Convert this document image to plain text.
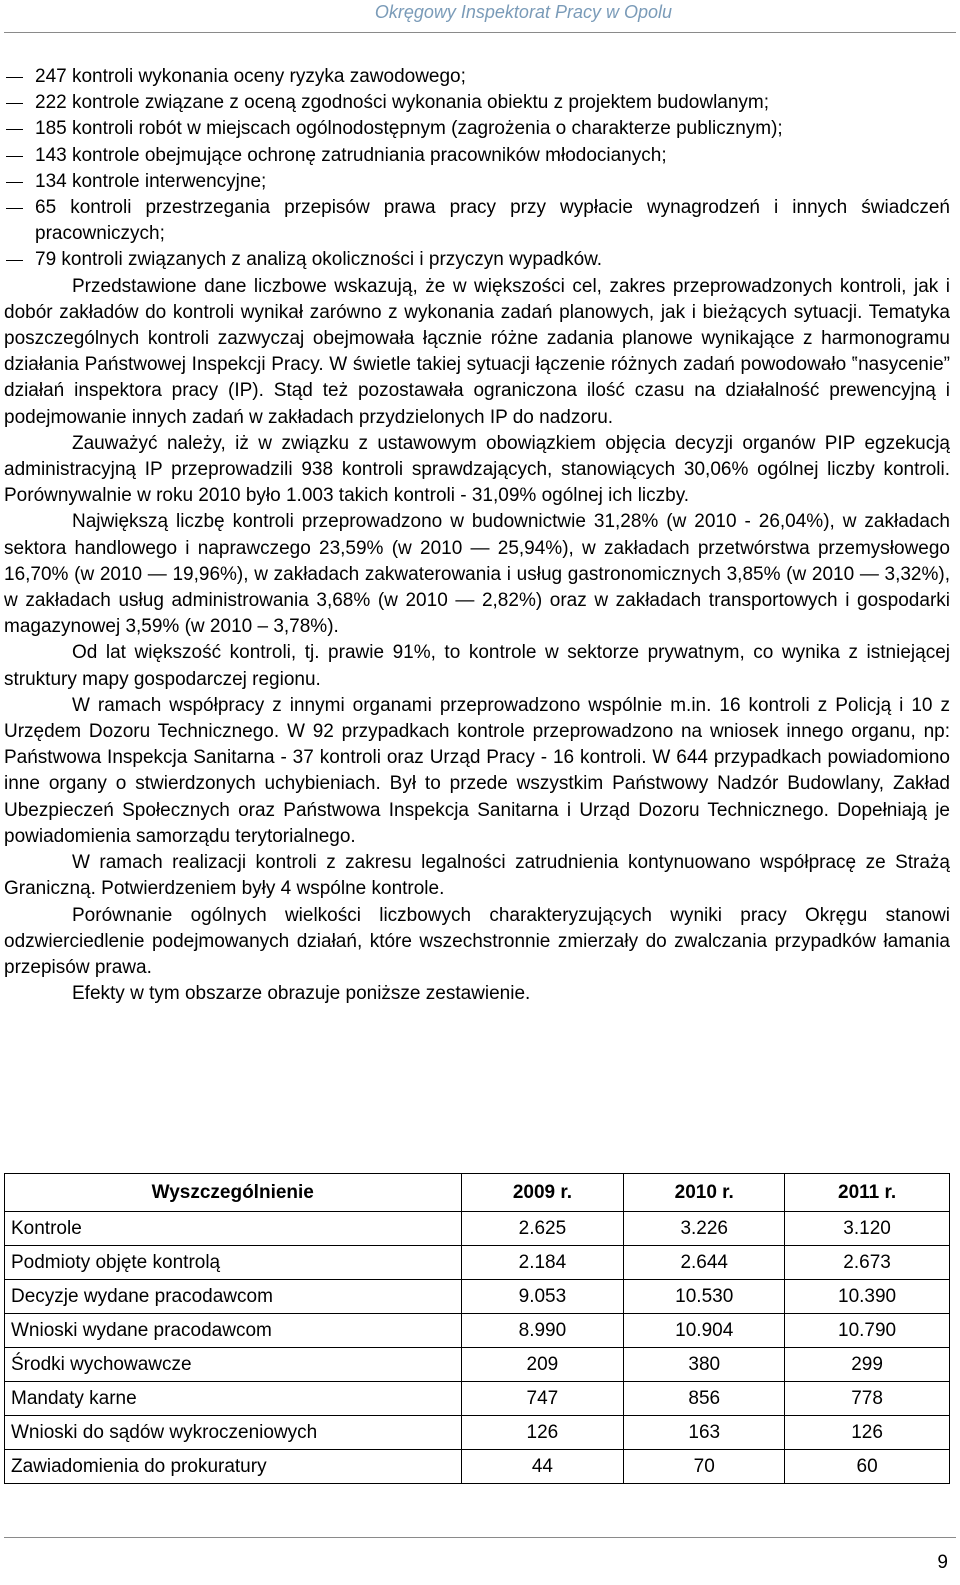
Okręgowy Inspektorat Pracy w Opolu
247 kontroli wykonania oceny ryzyka zawodowego;
222 kontrole związane z oceną zgodności wykonania obiektu z projektem budowlanym;
185 kontroli robót w miejscach ogólnodostępnym (zagrożenia o charakterze publicznym);
143 kontrole obejmujące ochronę zatrudniania pracowników młodocianych;
134 kontrole interwencyjne;
65 kontroli przestrzegania przepisów prawa pracy przy wypłacie wynagrodzeń i innych świadczeń pracowniczych;
79 kontroli związanych z analizą okoliczności i przyczyn wypadków.

Przedstawione dane liczbowe wskazują, że w większości cel, zakres przeprowadzonych kontroli, jak i dobór zakładów do kontroli wynikał zarówno z wykonania zadań planowych, jak i bieżących sytuacji. Tematyka poszczególnych kontroli zazwyczaj obejmowała łącznie różne zadania planowe wynikające z harmonogramu działania Państwowej Inspekcji Pracy. W świetle takiej sytuacji łączenie różnych zadań powodowało ‟nasycenie” działań inspektora pracy (IP). Stąd też pozostawała ograniczona ilość czasu na działalność prewencyjną i podejmowanie innych zadań w zakładach przydzielonych IP do nadzoru.

Zauważyć należy, iż w związku z ustawowym obowiązkiem objęcia decyzji organów PIP egzekucją administracyjną IP przeprowadzili 938 kontroli sprawdzających, stanowiących 30,06% ogólnej liczby kontroli. Porównywalnie w roku 2010 było 1.003 takich kontroli - 31,09% ogólnej ich liczby.

Największą liczbę kontroli przeprowadzono w budownictwie 31,28% (w 2010 - 26,04%), w zakładach sektora handlowego i naprawczego 23,59% (w 2010 — 25,94%), w zakładach przetwórstwa przemysłowego 16,70% (w 2010 — 19,96%), w zakładach zakwaterowania i usług gastronomicznych 3,85% (w 2010 — 3,32%), w zakładach usług administrowania 3,68% (w 2010 — 2,82%) oraz w zakładach transportowych i gospodarki magazynowej 3,59% (w 2010 – 3,78%).

Od lat większość kontroli, tj. prawie 91%, to kontrole w sektorze prywatnym, co wynika z istniejącej struktury mapy gospodarczej regionu.

W ramach współpracy z innymi organami przeprowadzono wspólnie m.in. 16 kontroli z Policją i 10 z Urzędem Dozoru Technicznego. W 92 przypadkach kontrole przeprowadzono na wniosek innego organu, np: Państwowa Inspekcja Sanitarna - 37 kontroli oraz Urząd Pracy - 16 kontroli. W 644 przypadkach powiadomiono inne organy o stwierdzonych uchybieniach. Był to przede wszystkim Państwowy Nadzór Budowlany, Zakład Ubezpieczeń Społecznych oraz Państwowa Inspekcja Sanitarna i Urząd Dozoru Technicznego. Dopełniają je powiadomienia samorządu terytorialnego.

W ramach realizacji kontroli z zakresu legalności zatrudnienia kontynuowano współpracę ze Strażą Graniczną. Potwierdzeniem były 4 wspólne kontrole.

Porównanie ogólnych wielkości liczbowych charakteryzujących wyniki pracy Okręgu stanowi odzwierciedlenie podejmowanych działań, które wszechstronnie zmierzały do zwalczania przypadków łamania przepisów prawa.

Efekty w tym obszarze obrazuje poniższe zestawienie.

Wyszczególnienie	2009 r.	2010 r.	2011 r.
Kontrole	2.625	3.226	3.120
Podmioty objęte kontrolą	2.184	2.644	2.673
Decyzje wydane pracodawcom	9.053	10.530	10.390
Wnioski wydane pracodawcom	8.990	10.904	10.790
Środki wychowawcze	209	380	299
Mandaty karne	747	856	778
Wnioski do sądów wykroczeniowych	126	163	126
Zawiadomienia do prokuratury	44	70	60
9
